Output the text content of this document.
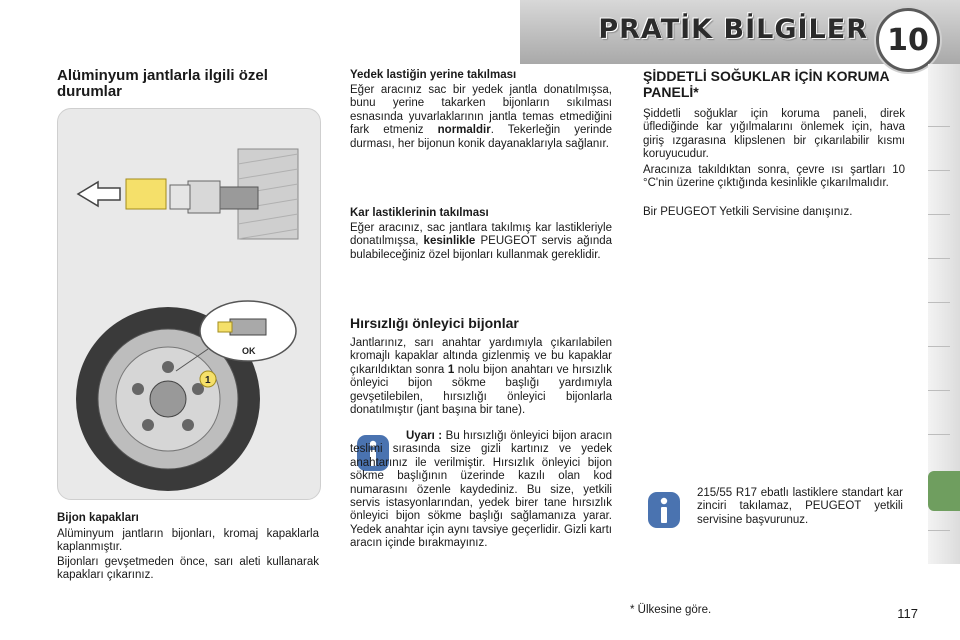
PRATİK BİLGİLER 10
Alüminyum jantlarla ilgili özel durumlar
OK
1

Bijon kapakları

Alüminyum jantların bijonları, kromaj kapaklarla kaplanmıştır.

Bijonları gevşetmeden önce, sarı aleti kullanarak kapakları çıkarınız.

Yedek lastiğin yerine takılması

Eğer aracınız sac bir yedek jantla donatılmışsa, bunu yerine takarken bijonların sıkılması esnasında yuvarlaklarının jantla temas etmediğini fark etmeniz normaldir. Tekerleğin yerinde durması, her bijonun konik dayanaklarıyla sağlanır.

Kar lastiklerinin takılması

Eğer aracınız, sac jantlara takılmış kar lastikleriyle donatılmışsa, kesinlikle PEUGEOT servis ağında bulabileceğiniz özel bijonları kullanmak gereklidir.

Hırsızlığı önleyici bijonlar

Jantlarınız, sarı anahtar yardımıyla çıkarılabilen kromajlı kapaklar altında gizlenmiş ve bu kapaklar çıkarıldıktan sonra 1 nolu bijon anahtarı ve hırsızlık önleyici bijon sökme başlığı yardımıyla gevşetilebilen, hırsızlığı önleyici bijonlarla donatılmıştır (jant başına bir tane).

Uyarı : Bu hırsızlığı önleyici bijon aracın teslimi sırasında size gizli kartınız ve yedek anahtarınız ile verilmiştir. Hırsızlık önleyici bijon sökme başlığının üzerinde kazılı olan kod numarasını özenle kaydediniz. Bu size, yetkili servis istasyonlarından, yedek birer tane hırsızlık önleyici bijon sökme başlığı sağlamanıza yarar. Yedek anahtar için aynı tavsiye geçerlidir. Gizli kartı aracın içinde bırakmayınız.

ŞİDDETLİ SOĞUKLAR İÇİN KORUMA PANELİ*

Şiddetli soğuklar için koruma paneli, direk üflediğinde kar yığılmalarını önlemek için, hava giriş ızgarasına klipslenen bir çıkarılabilir kısmı koruyucudur.

Aracınıza takıldıktan sonra, çevre ısı şartları 10 °C'nin üzerine çıktığında kesinlikle çıkarılmalıdır.

Bir PEUGEOT Yetkili Servisine danışınız.

215/55 R17 ebatlı lastiklere standart kar zinciri takılamaz, PEUGEOT yetkili servisine başvurunuz.

* Ülkesine göre.	117
